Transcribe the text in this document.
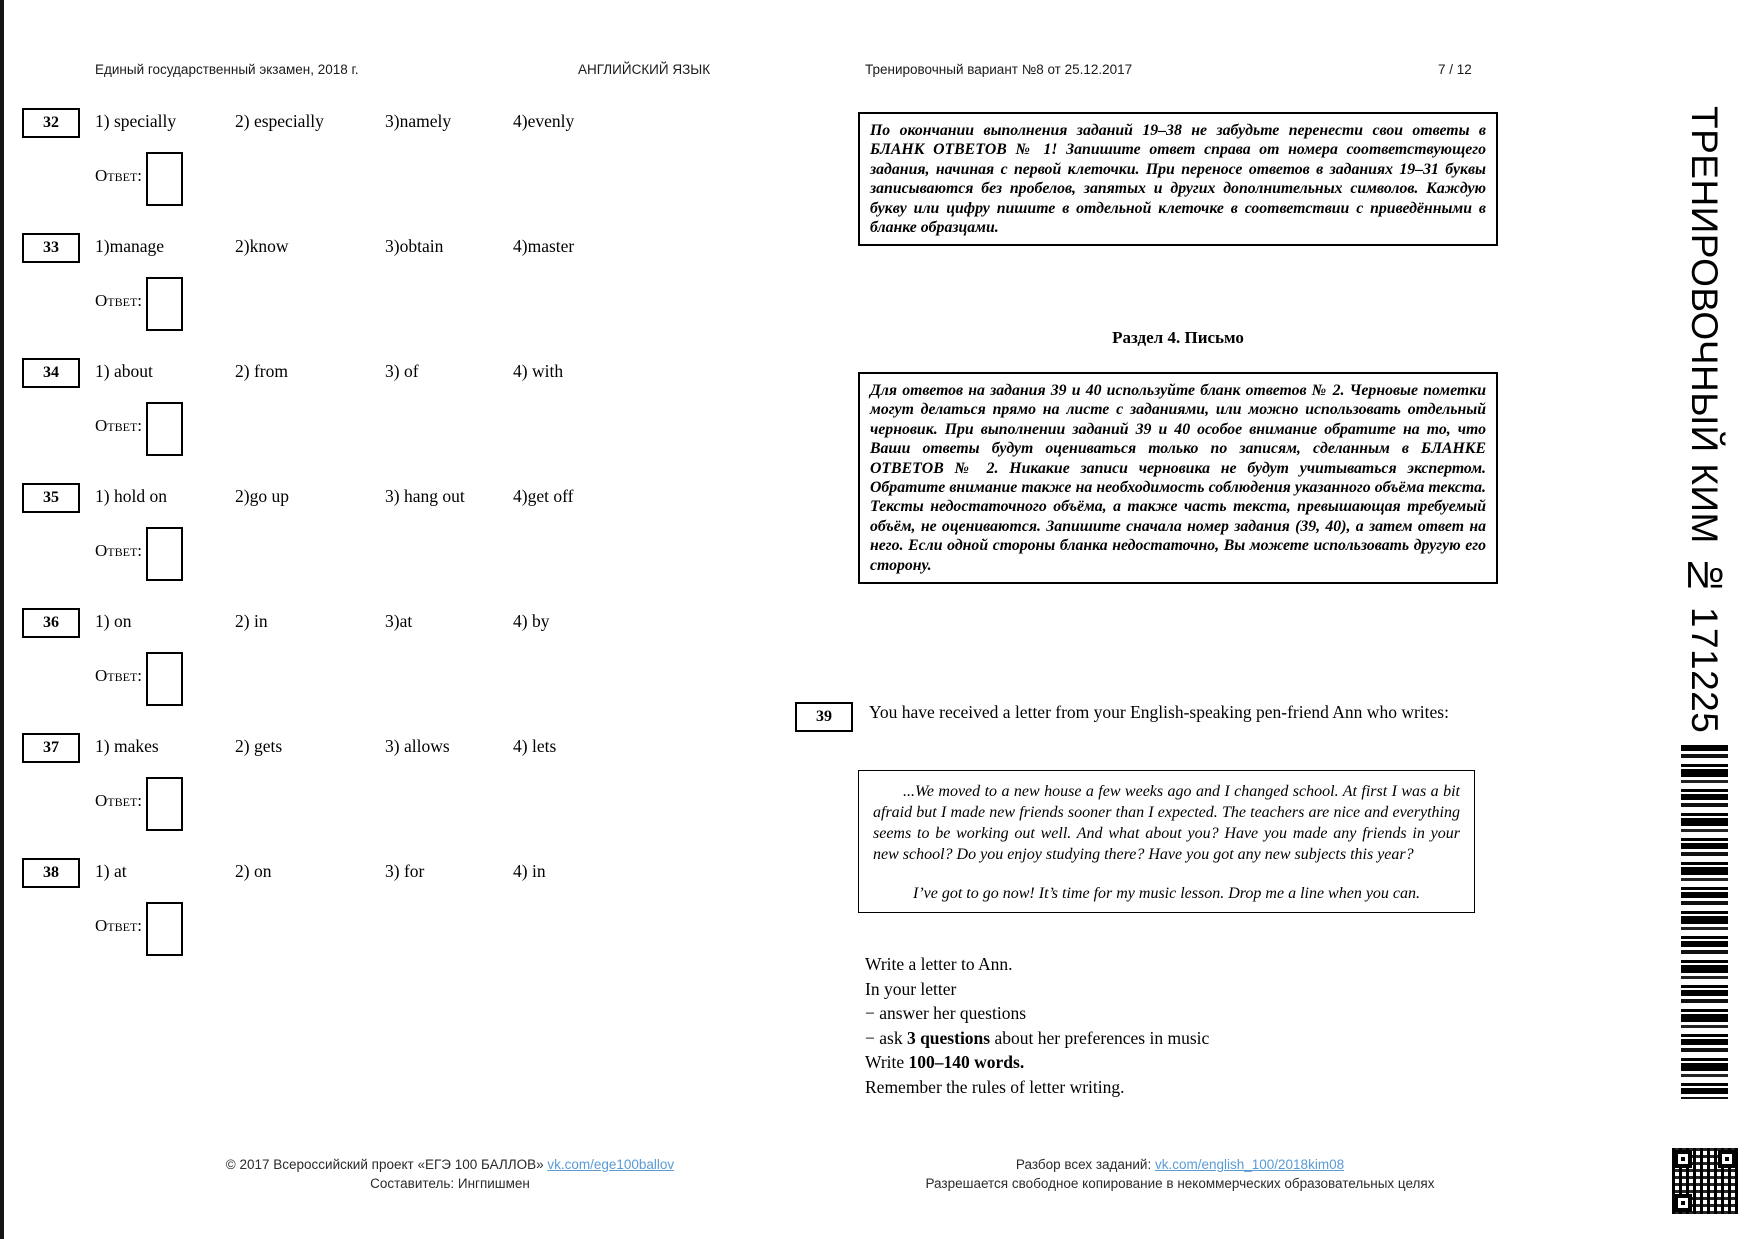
Единый государственный экзамен, 2018 г.	АНГЛИЙСКИЙ ЯЗЫК	Тренировочный вариант №8 от 25.12.2017	7 / 12
32 1) specially	2) especially	3)namely	4)evenly
Ответ:
33 1)manage	2)know	3)obtain	4)master
Ответ:
34 1) about	2) from	3) of	4) with
Ответ:
35 1) hold on	2)go up	3) hang out	4)get off
Ответ:
36 1) on	2) in	3)at	4) by
Ответ:
37 1) makes	2) gets	3) allows	4) lets
Ответ:
38 1) at	2) on	3) for	4) in
Ответ:
По окончании выполнения заданий 19–38 не забудьте перенести свои ответы в БЛАНК ОТВЕТОВ № 1! Запишите ответ справа от номера соответствующего задания, начиная с первой клеточки. При переносе ответов в заданиях 19–31 буквы записываются без пробелов, запятых и других дополнительных символов. Каждую букву или цифру пишите в отдельной клеточке в соответствии с приведёнными в бланке образцами.
Раздел 4. Письмо
Для ответов на задания 39 и 40 используйте бланк ответов № 2. Черновые пометки могут делаться прямо на листе с заданиями, или можно использовать отдельный черновик. При выполнении заданий 39 и 40 особое внимание обратите на то, что Ваши ответы будут оцениваться только по записям, сделанным в БЛАНКЕ ОТВЕТОВ № 2. Никакие записи черновика не будут учитываться экспертом. Обратите внимание также на необходимость соблюдения указанного объёма текста. Тексты недостаточного объёма, а также часть текста, превышающая требуемый объём, не оцениваются. Запишите сначала номер задания (39, 40), а затем ответ на него. Если одной стороны бланка недостаточно, Вы можете использовать другую его сторону.
39 You have received a letter from your English-speaking pen-friend Ann who writes:

...We moved to a new house a few weeks ago and I changed school. At first I was a bit afraid but I made new friends sooner than I expected. The teachers are nice and everything seems to be working out well. And what about you? Have you made any friends in your new school? Do you enjoy studying there? Have you got any new subjects this year?

I’ve got to go now! It’s time for my music lesson. Drop me a line when you can.

Write a letter to Ann.
In your letter
− answer her questions
− ask 3 questions about her preferences in music
Write 100–140 words.
Remember the rules of letter writing.
ТРЕНИРОВОЧНЫЙ КИМ № 171225
© 2017 Всероссийский проект «ЕГЭ 100 БАЛЛОВ» vk.com/ege100ballov
Составитель: Ингпишмен
Разбор всех заданий: vk.com/english_100/2018kim08
Разрешается свободное копирование в некоммерческих образовательных целях
